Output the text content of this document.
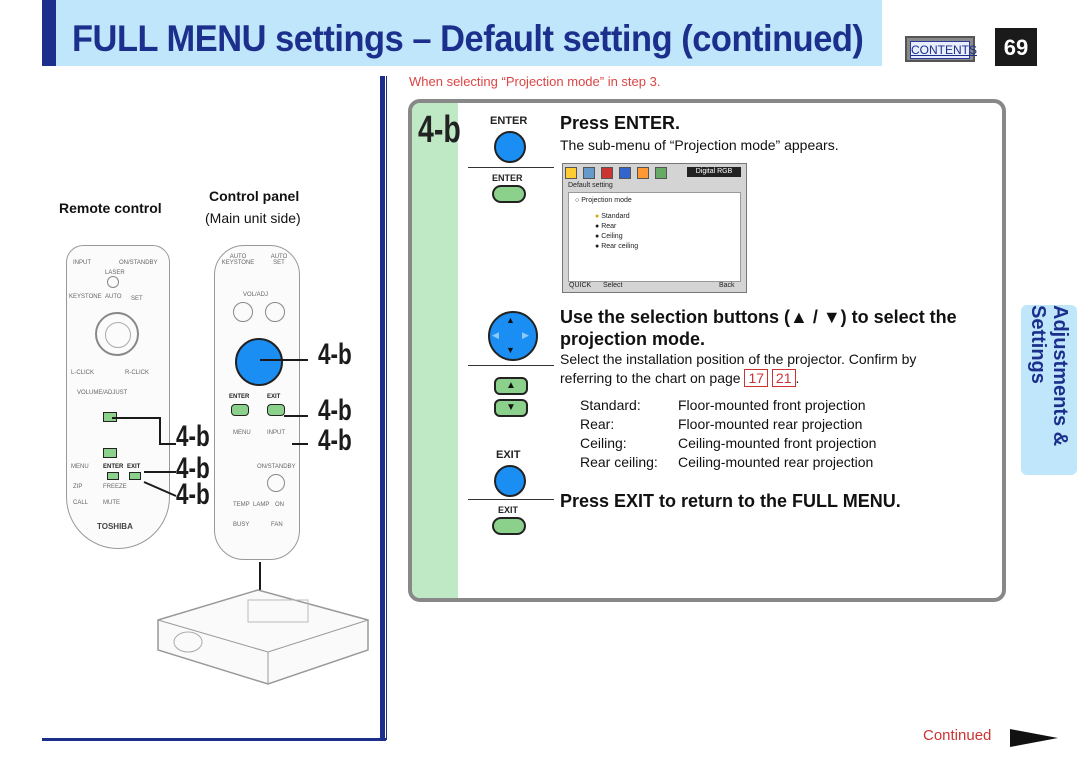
FULL MENU settings – Default setting (continued)	CONTENTS	69
Remote control
Control panel
(Main unit side)
INPUT	ON/STANDBY
LASER
KEYSTONE AUTO SET
L-CLICK	R-CLICK
VOLUME/ADJUST
MENU ENTER EXIT
ZIP	FREEZE
CALL MUTE
TOSHIBA
AUTO KEYSTONE
AUTO SET
VOL/ADJ
ENTER	EXIT
MENU	INPUT
ON/STANDBY
TEMP LAMP ON
BUSY	FAN
4-b
4-b
4-b
4-b
4-b
4-b
When selecting “Projection mode” in step 3.
4-b	ENTER
ENTER
Press ENTER.
The sub-menu of “Projection mode” appears.
Digital RGB
Default setting
○ Projection mode
● Standard
● Rear
● Ceiling
● Rear ceiling
QUICK Select	Back
▲
▼
◀	▶
▲
▼
Use the selection buttons (▲ / ▼) to select the
projection mode.
Select the installation position of the projector. Confirm by
referring to the chart on page 17 21 .
Standard:	Floor-mounted front projection
Rear:	Floor-mounted rear projection
Ceiling:	Ceiling-mounted front projection
Rear ceiling: Ceiling-mounted rear projection
EXIT
EXIT Press EXIT to return to the FULL MENU.
Adjustments & Settings
Continued
